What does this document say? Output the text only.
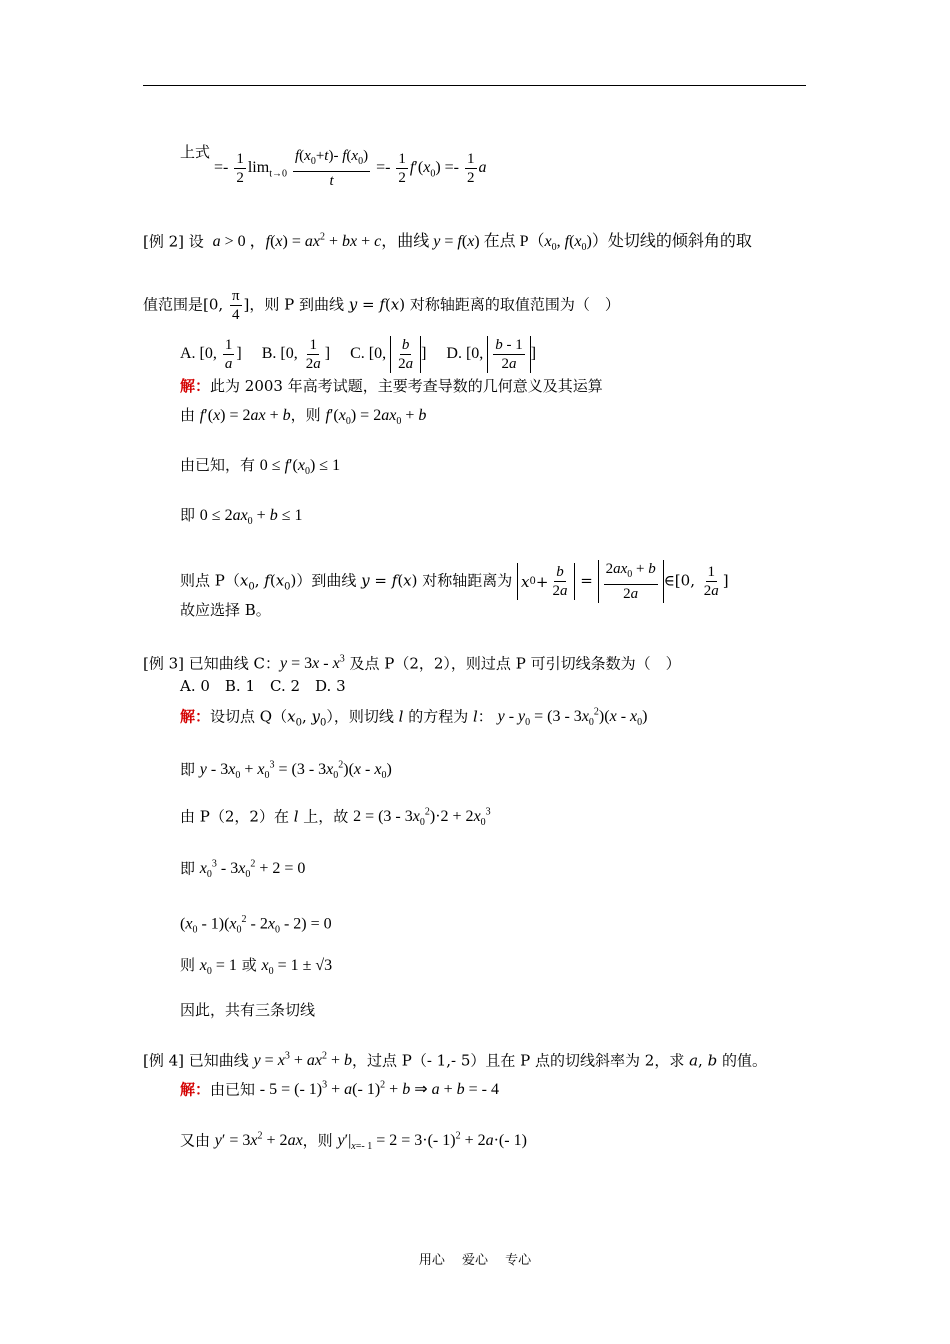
上式
=- $\frac{1}{2} \lim_{t\to 0} \frac{f(x_0+t)- f(x_0)}{t} =- \frac{1}{2} f'(x_0) =- \frac{1}{2}$ a
[例 2] 设 a > 0 ，$f(x) = ax^2$ + bx + c，曲线 y = f(x) 在点 $P(x_0$, $f(x_0)$）处切线的倾斜角的取
值范围是[0, $\frac{\pi}{4}$ ]，则 P 到曲线 y = f(x) 对称轴距离的取值范围为（　）
A. [0, $\frac{1}{a}$ ]　 B. [0, $\frac{1}{2a}$ ]　 C. [0, $\frac{b}{2a}$ ]　 D. [0, $\frac{b - 1}{2a}$ ]
解：此为 2003 年高考试题，主要考查导数的几何意义及其运算
由 f′(x) = 2ax + b，则 $f'(x_0) = 2ax_0 + b$
由已知，有 $0 \le f'(x_0) \le 1$
即 $0 \le 2ax_0 + b \le 1$
则点 $P(x_0$, $f(x_0)$）到曲线 y = f(x) 对称轴距离为 x $0 + \frac{b}{2a} = \frac{2ax_0 + b}{2a}$ ∈[0, $\frac{1}{2a}$ ]
故应选择 B。
[例 3] 已知曲线 C：$y = 3x - x^3$ 及点 P（2，2），则过点 P 可引切线条数为（　）
A. 0　B. 1　C. 2　D. 3
解：设切点 $Q(x_0$, $y_0$），则切线 l 的方程为 l： $y - y_0 = (3 - 3x_0^2)(x - x_0)$
即 $y - 3x_0 + x_0^3 = (3 - 3x_0^2)(x - x_0)$
由 P（2，2）在 l 上，故 $2 = (3 - 3x_0^2)\cdot 2 + 2x_0^3$
即 $x_0^3 - 3x_0^2 + 2 = 0$
$(x_0 - 1)(x_0^2 - 2x_0 - 2) = 0$
则 $x_0 = 1$ 或 $x_0 = 1 \pm √3$
因此，共有三条切线
[例 4] 已知曲线 $y = x^3 + ax^2 + b$，过点 P（- 1,- 5）且在 P 点的切线斜率为 2，求 a, b 的值。
解：由已知 - 5 = (- 1)$^3$ + a(- 1)$^2$ + b ⇒ a + b = - 4
又由 $y' = 3x^2 + 2ax$，则 $y'|_{x=- 1} = 2 = 3\cdot(-$ 1)$^2$ + 2a·(- 1)
用心　 爱心　 专心
